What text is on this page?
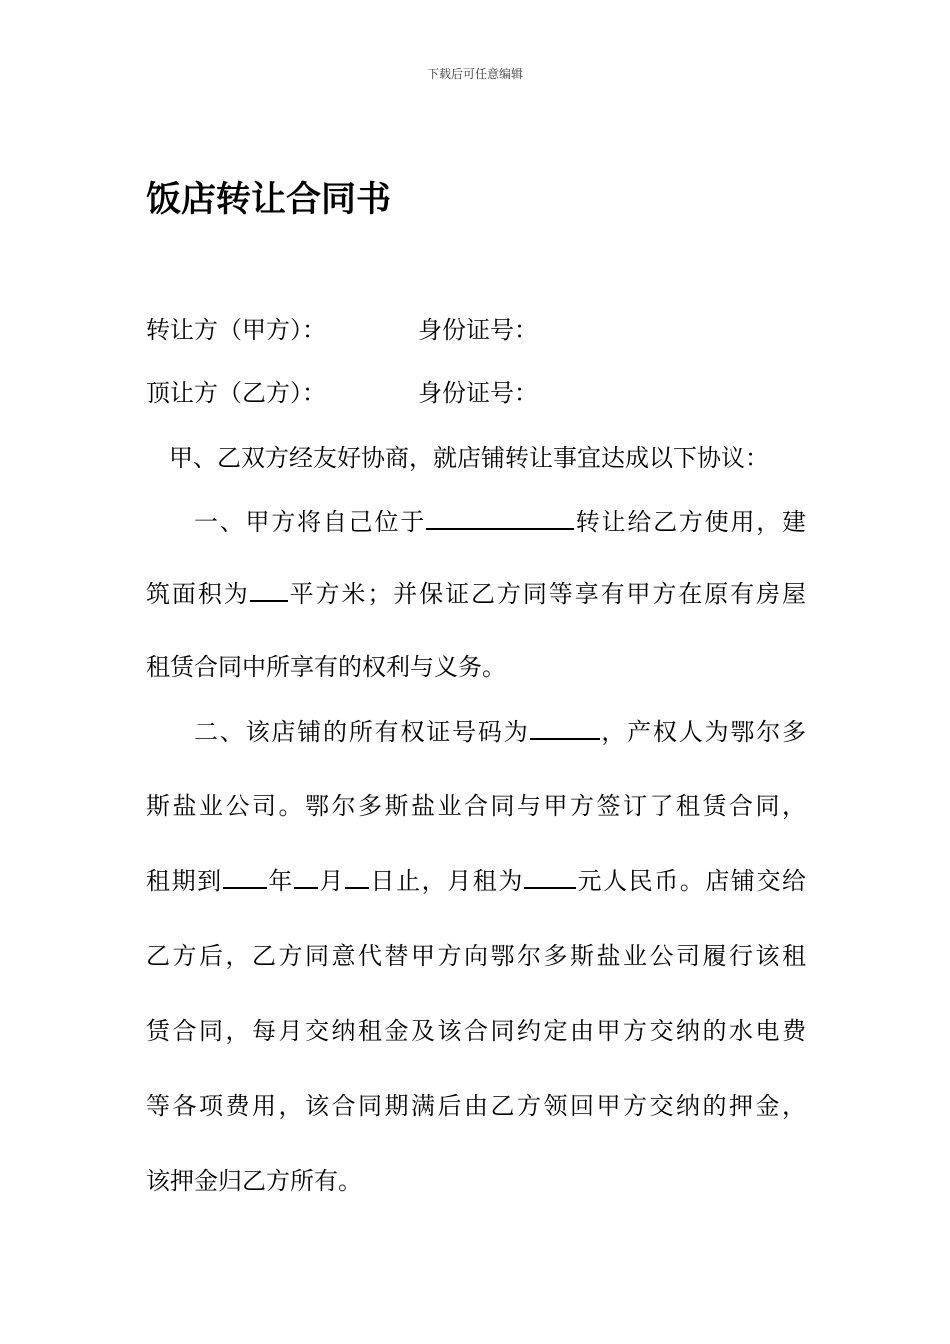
下载后可任意编辑
饭店转让合同书
转让方（甲方）：	身份证号：
顶让方（乙方）：	身份证号：
甲、乙双方经友好协商，就店铺转让事宜达成以下协议：
一、甲方将自己位于	转让给乙方使用，建
筑面积为 平方米；并保证乙方同等享有甲方在原有房屋
租赁合同中所享有的权利与义务。
二、该店铺的所有权证号码为	，产权人为鄂尔多
斯盐业公司。鄂尔多斯盐业合同与甲方签订了租赁合同，
租期到 年 月 日止，月租为 元人民币。店铺交给
乙方后，乙方同意代替甲方向鄂尔多斯盐业公司履行该租
赁合同，每月交纳租金及该合同约定由甲方交纳的水电费
等各项费用，该合同期满后由乙方领回甲方交纳的押金，
该押金归乙方所有。
